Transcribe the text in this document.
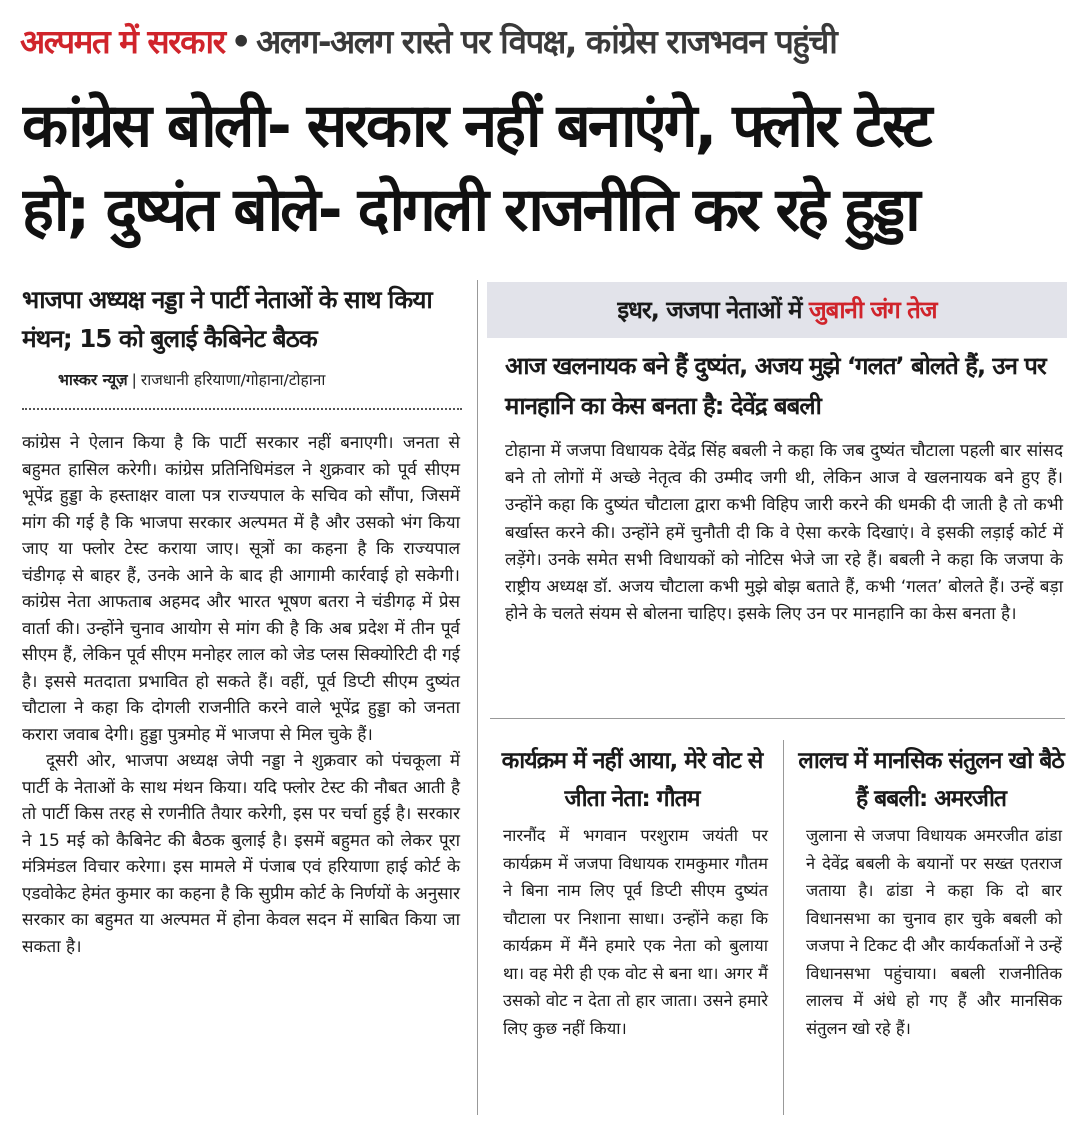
अल्पमत में सरकार • अलग-अलग रास्ते पर विपक्ष, कांग्रेस राजभवन पहुंची
कांग्रेस बोली- सरकार नहीं बनाएंगे, फ्लोर टेस्ट
हो; दुष्यंत बोले- दोगली राजनीति कर रहे हुड्डा
भाजपा अध्यक्ष नड्डा ने पार्टी नेताओं के साथ किया मंथन; 15 को बुलाई कैबिनेट बैठक
भास्कर न्यूज़ | राजधानी हरियाणा/गोहाना/टोहाना

कांग्रेस ने ऐलान किया है कि पार्टी सरकार नहीं बनाएगी। जनता से बहुमत हासिल करेगी। कांग्रेस प्रतिनिधिमंडल ने शुक्रवार को पूर्व सीएम भूपेंद्र हुड्डा के हस्ताक्षर वाला पत्र राज्यपाल के सचिव को सौंपा, जिसमें मांग की गई है कि भाजपा सरकार अल्पमत में है और उसको भंग किया जाए या फ्लोर टेस्ट कराया जाए। सूत्रों का कहना है कि राज्यपाल चंडीगढ़ से बाहर हैं, उनके आने के बाद ही आगामी कार्रवाई हो सकेगी। कांग्रेस नेता आफताब अहमद और भारत भूषण बतरा ने चंडीगढ़ में प्रेस वार्ता की। उन्होंने चुनाव आयोग से मांग की है कि अब प्रदेश में तीन पूर्व सीएम हैं, लेकिन पूर्व सीएम मनोहर लाल को जेड प्लस सिक्योरिटी दी गई है। इससे मतदाता प्रभावित हो सकते हैं। वहीं, पूर्व डिप्टी सीएम दुष्यंत चौटाला ने कहा कि दोगली राजनीति करने वाले भूपेंद्र हुड्डा को जनता करारा जवाब देगी। हुड्डा पुत्रमोह में भाजपा से मिल चुके हैं।

दूसरी ओर, भाजपा अध्यक्ष जेपी नड्डा ने शुक्रवार को पंचकूला में पार्टी के नेताओं के साथ मंथन किया। यदि फ्लोर टेस्ट की नौबत आती है तो पार्टी किस तरह से रणनीति तैयार करेगी, इस पर चर्चा हुई है। सरकार ने 15 मई को कैबिनेट की बैठक बुलाई है। इसमें बहुमत को लेकर पूरा मंत्रिमंडल विचार करेगा। इस मामले में पंजाब एवं हरियाणा हाई कोर्ट के एडवोकेट हेमंत कुमार का कहना है कि सुप्रीम कोर्ट के निर्णयों के अनुसार सरकार का बहुमत या अल्पमत में होना केवल सदन में साबित किया जा सकता है।

इधर, जजपा नेताओं में जुबानी जंग तेज
आज खलनायक बने हैं दुष्यंत, अजय मुझे ‘गलत’ बोलते हैं, उन पर मानहानि का केस बनता है: देवेंद्र बबली
टोहाना में जजपा विधायक देवेंद्र सिंह बबली ने कहा कि जब दुष्यंत चौटाला पहली बार सांसद बने तो लोगों में अच्छे नेतृत्व की उम्मीद जगी थी, लेकिन आज वे खलनायक बने हुए हैं। उन्होंने कहा कि दुष्यंत चौटाला द्वारा कभी विहिप जारी करने की धमकी दी जाती है तो कभी बर्खास्त करने की। उन्होंने हमें चुनौती दी कि वे ऐसा करके दिखाएं। वे इसकी लड़ाई कोर्ट में लड़ेंगे। उनके समेत सभी विधायकों को नोटिस भेजे जा रहे हैं। बबली ने कहा कि जजपा के राष्ट्रीय अध्यक्ष डॉ. अजय चौटाला कभी मुझे बोझ बताते हैं, कभी ‘गलत’ बोलते हैं। उन्हें बड़ा होने के चलते संयम से बोलना चाहिए। इसके लिए उन पर मानहानि का केस बनता है।
कार्यक्रम में नहीं आया, मेरे वोट से जीता नेता: गौतम
नारनौंद में भगवान परशुराम जयंती पर कार्यक्रम में जजपा विधायक रामकुमार गौतम ने बिना नाम लिए पूर्व डिप्टी सीएम दुष्यंत चौटाला पर निशाना साधा। उन्होंने कहा कि कार्यक्रम में मैंने हमारे एक नेता को बुलाया था। वह मेरी ही एक वोट से बना था। अगर मैं उसको वोट न देता तो हार जाता। उसने हमारे लिए कुछ नहीं किया।
लालच में मानसिक संतुलन खो बैठे हैं बबली: अमरजीत
जुलाना से जजपा विधायक अमरजीत ढांडा ने देवेंद्र बबली के बयानों पर सख्त एतराज जताया है। ढांडा ने कहा कि दो बार विधानसभा का चुनाव हार चुके बबली को जजपा ने टिकट दी और कार्यकर्ताओं ने उन्हें विधानसभा पहुंचाया। बबली राजनीतिक लालच में अंधे हो गए हैं और मानसिक संतुलन खो रहे हैं।
